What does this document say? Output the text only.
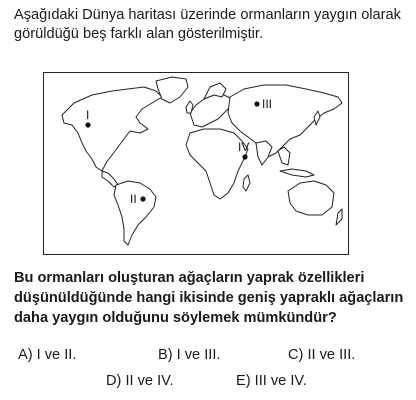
Aşağıdaki Dünya haritası üzerinde ormanların yaygın olarak görüldüğü beş farklı alan gösterilmiştir.

I
II
III
IV

Bu ormanları oluşturan ağaçların yaprak özellikleri düşünüldüğünde hangi ikisinde geniş yapraklı ağaçların daha yaygın olduğunu söylemek mümkündür?

A) I ve II.	B) I ve III.	C) II ve III.
D) II ve IV.	E) III ve IV.
